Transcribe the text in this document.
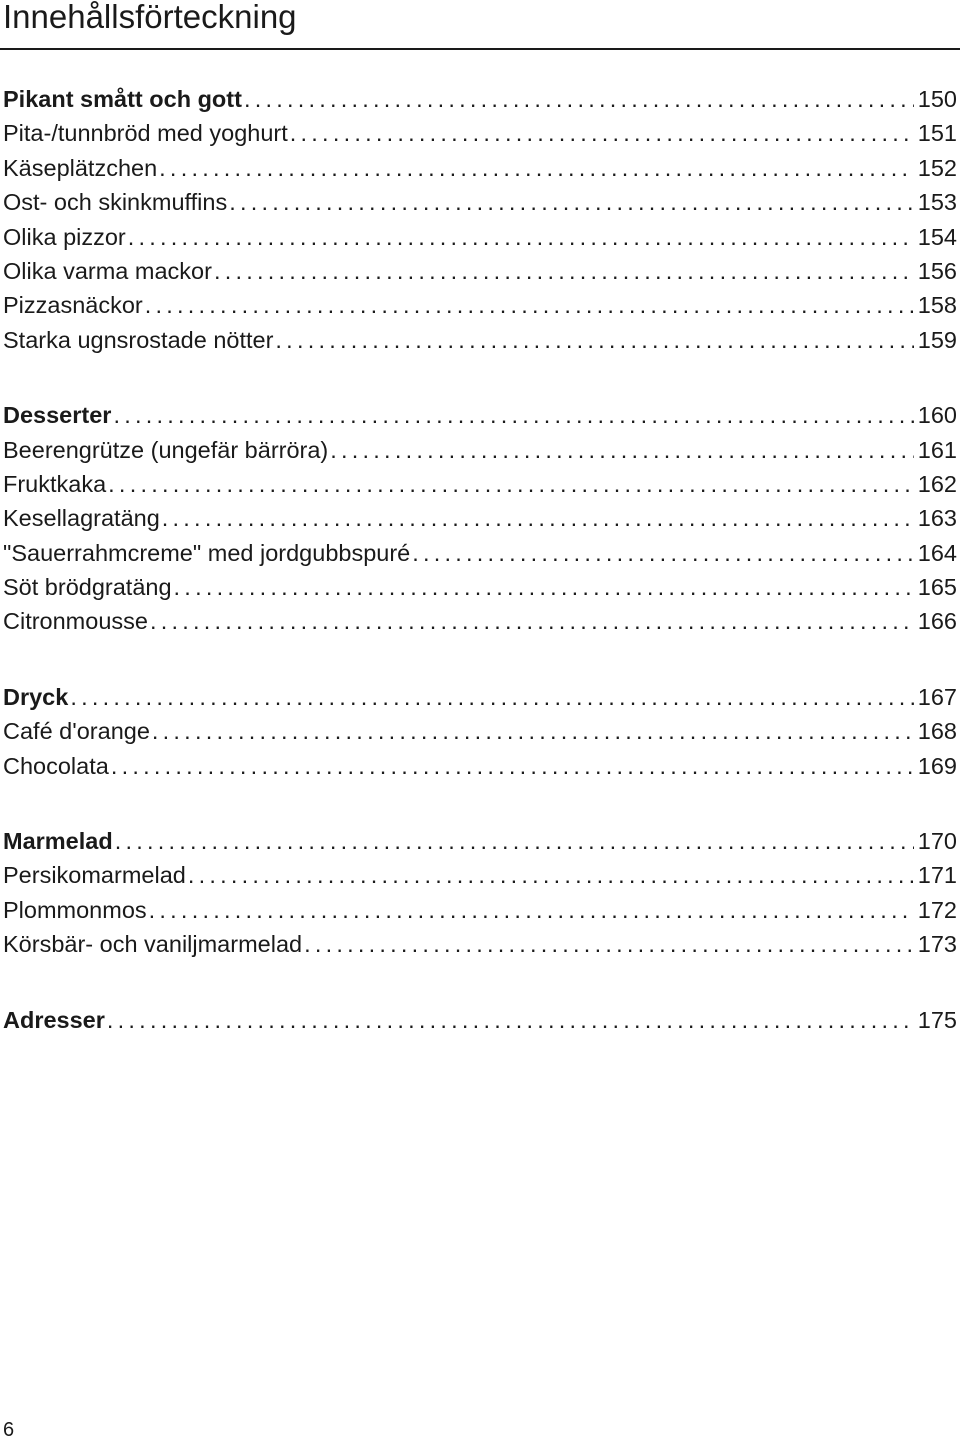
Innehållsförteckning
Pikant smått och gott . . .	150
Pita-/tunnbröd med yoghurt . . .	151
Käseplätzchen . . .	152
Ost- och skinkmuffins . . .	153
Olika pizzor . . .	154
Olika varma mackor . . .	156
Pizzasnäckor . . .	158
Starka ugnsrostade nötter . . .	159
Desserter . . .	160
Beerengrütze (ungefär bärröra) . . .	161
Fruktkaka . . .	162
Kesellagratäng . . .	163
"Sauerrahmcreme" med jordgubbspuré . . .	164
Söt brödgratäng . . .	165
Citronmousse . . .	166
Dryck . . .	167
Café d'orange . . .	168
Chocolata . . .	169
Marmelad . . .	170
Persikomarmelad . . .	171
Plommonmos . . .	172
Körsbär- och vaniljmarmelad . . .	173
Adresser . . .	175
6
